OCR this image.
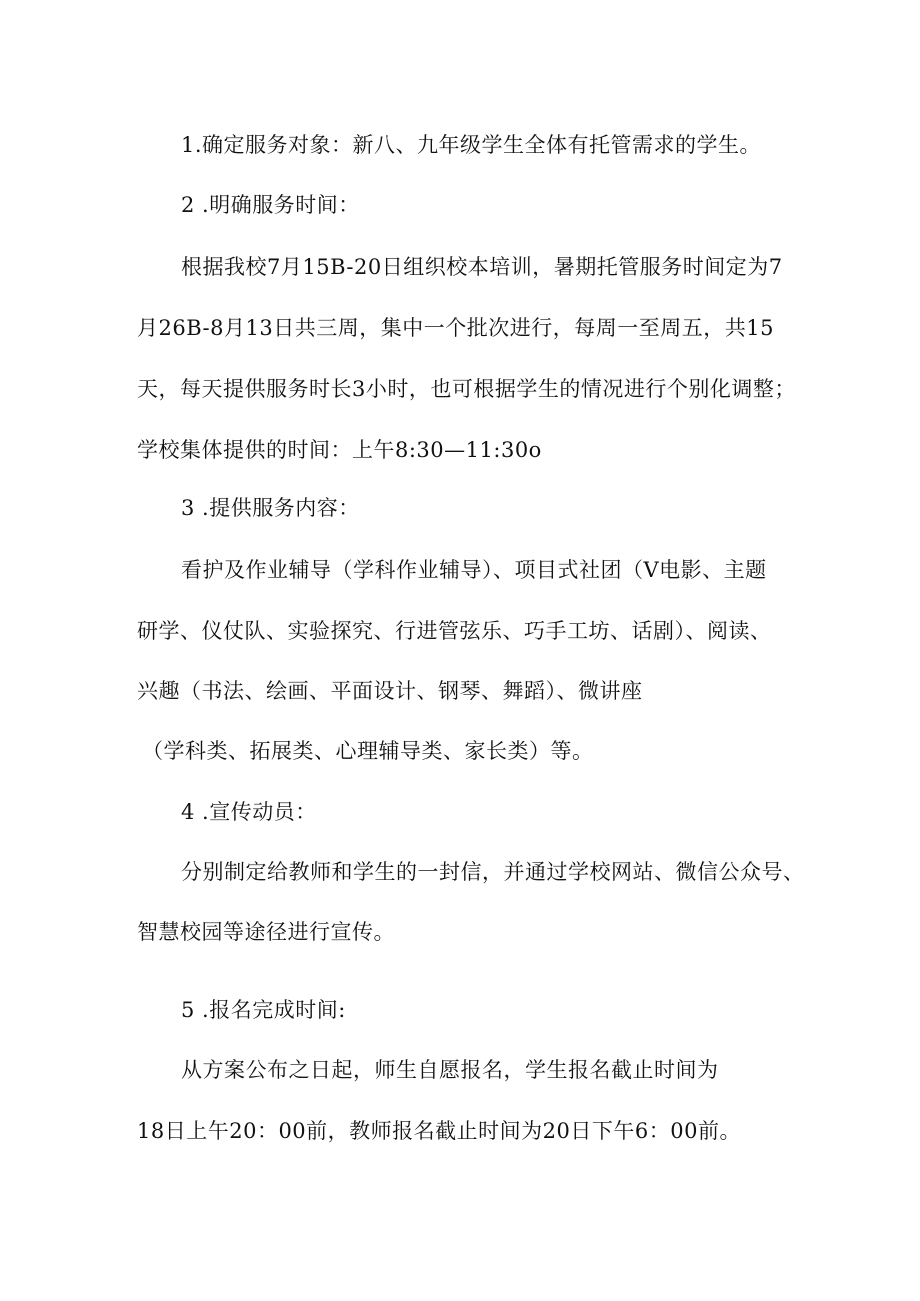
1.确定服务对象：新八、九年级学生全体有托管需求的学生。
2 .明确服务时间：
根据我校7月15B-20日组织校本培训，暑期托管服务时间定为7
月26B-8月13日共三周，集中一个批次进行，每周一至周五，共15
天，每天提供服务时长3小时，也可根据学生的情况进行个别化调整；
学校集体提供的时间：上午8:30—11:30o
3 .提供服务内容：
看护及作业辅导（学科作业辅导）、项目式社团（V电影、主题
研学、仪仗队、实验探究、行进管弦乐、巧手工坊、话剧）、阅读、
兴趣（书法、绘画、平面设计、钢琴、舞蹈）、微讲座
（学科类、拓展类、心理辅导类、家长类）等。
4 .宣传动员：
分别制定给教师和学生的一封信，并通过学校网站、微信公众号、
智慧校园等途径进行宣传。
5 .报名完成时间:
从方案公布之日起，师生自愿报名，学生报名截止时间为
18日上午20：00前，教师报名截止时间为20日下午6：00前。
